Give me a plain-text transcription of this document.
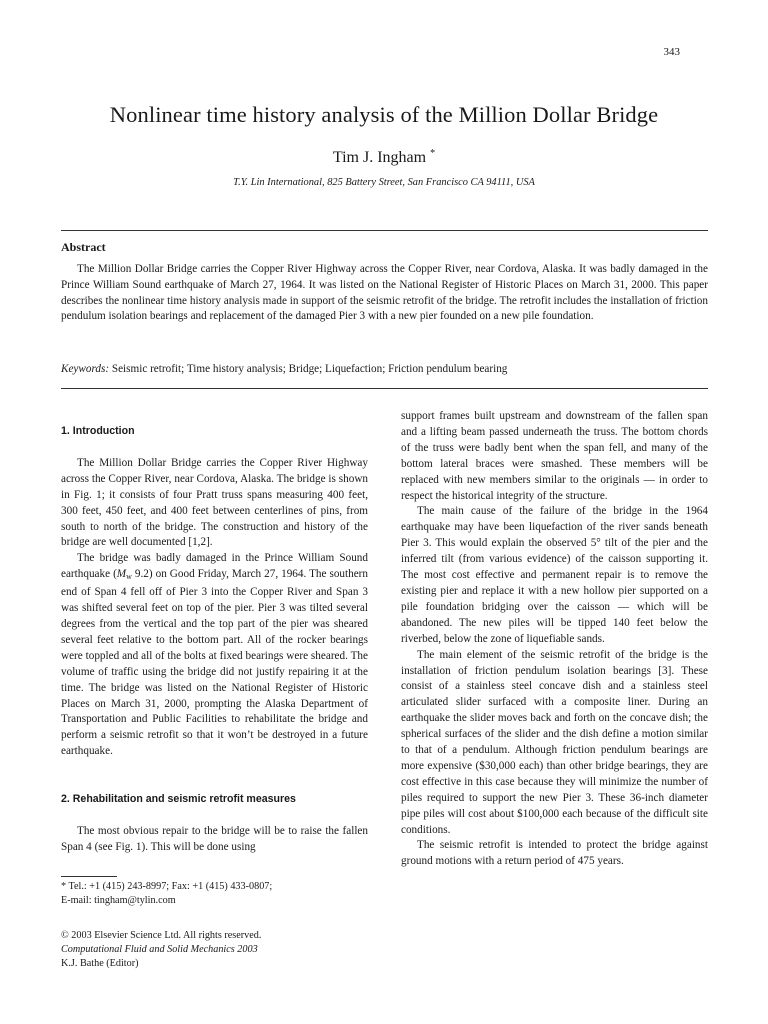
343
Nonlinear time history analysis of the Million Dollar Bridge
Tim J. Ingham *
T.Y. Lin International, 825 Battery Street, San Francisco CA 94111, USA
Abstract

The Million Dollar Bridge carries the Copper River Highway across the Copper River, near Cordova, Alaska. It was badly damaged in the Prince William Sound earthquake of March 27, 1964. It was listed on the National Register of Historic Places on March 31, 2000. This paper describes the nonlinear time history analysis made in support of the seismic retrofit of the bridge. The retrofit includes the installation of friction pendulum isolation bearings and replacement of the damaged Pier 3 with a new pier founded on a new pile foundation.

Keywords: Seismic retrofit; Time history analysis; Bridge; Liquefaction; Friction pendulum bearing

1. Introduction

The Million Dollar Bridge carries the Copper River Highway across the Copper River, near Cordova, Alaska. The bridge is shown in Fig. 1; it consists of four Pratt truss spans measuring 400 feet, 300 feet, 450 feet, and 400 feet between centerlines of pins, from south to north of the bridge. The construction and history of the bridge are well documented [1,2].

The bridge was badly damaged in the Prince William Sound earthquake ($M_w$ 9.2) on Good Friday, March 27, 1964. The southern end of Span 4 fell off of Pier 3 into the Copper River and Span 3 was shifted several feet on top of the pier. Pier 3 was tilted several degrees from the vertical and the top part of the pier was sheared several feet relative to the bottom part. All of the rocker bearings were toppled and all of the bolts at fixed bearings were sheared. The volume of traffic using the bridge did not justify repairing it at the time. The bridge was listed on the National Register of Historic Places on March 31, 2000, prompting the Alaska Department of Transportation and Public Facilities to rehabilitate the bridge and perform a seismic retrofit so that it won’t be destroyed in a future earthquake.

2. Rehabilitation and seismic retrofit measures

The most obvious repair to the bridge will be to raise the fallen Span 4 (see Fig. 1). This will be done using

support frames built upstream and downstream of the fallen span and a lifting beam passed underneath the truss. The bottom chords of the truss were badly bent when the span fell, and many of the bottom lateral braces were smashed. These members will be replaced with new members similar to the originals — in order to respect the historical integrity of the structure.

The main cause of the failure of the bridge in the 1964 earthquake may have been liquefaction of the river sands beneath Pier 3. This would explain the observed 5° tilt of the pier and the inferred tilt (from various evidence) of the caisson supporting it. The most cost effective and permanent repair is to remove the existing pier and replace it with a new hollow pier supported on a pile foundation bridging over the caisson — which will be abandoned. The new piles will be tipped 140 feet below the riverbed, below the zone of liquefiable sands.

The main element of the seismic retrofit of the bridge is the installation of friction pendulum isolation bearings [3]. These consist of a stainless steel concave dish and a stainless steel articulated slider surfaced with a composite liner. During an earthquake the slider moves back and forth on the concave dish; the spherical surfaces of the slider and the dish define a motion similar to that of a pendulum. Although friction pendulum bearings are more expensive ($30,000 each) than other bridge bearings, they are cost effective in this case because they will minimize the number of piles required to support the new Pier 3. These 36-inch diameter pipe piles will cost about $100,000 each because of the difficult site conditions.

The seismic retrofit is intended to protect the bridge against ground motions with a return period of 475 years.

* Tel.: +1 (415) 243-8997; Fax: +1 (415) 433-0807;
E-mail: tingham@tylin.com
© 2003 Elsevier Science Ltd. All rights reserved.
Computational Fluid and Solid Mechanics 2003
K.J. Bathe (Editor)
